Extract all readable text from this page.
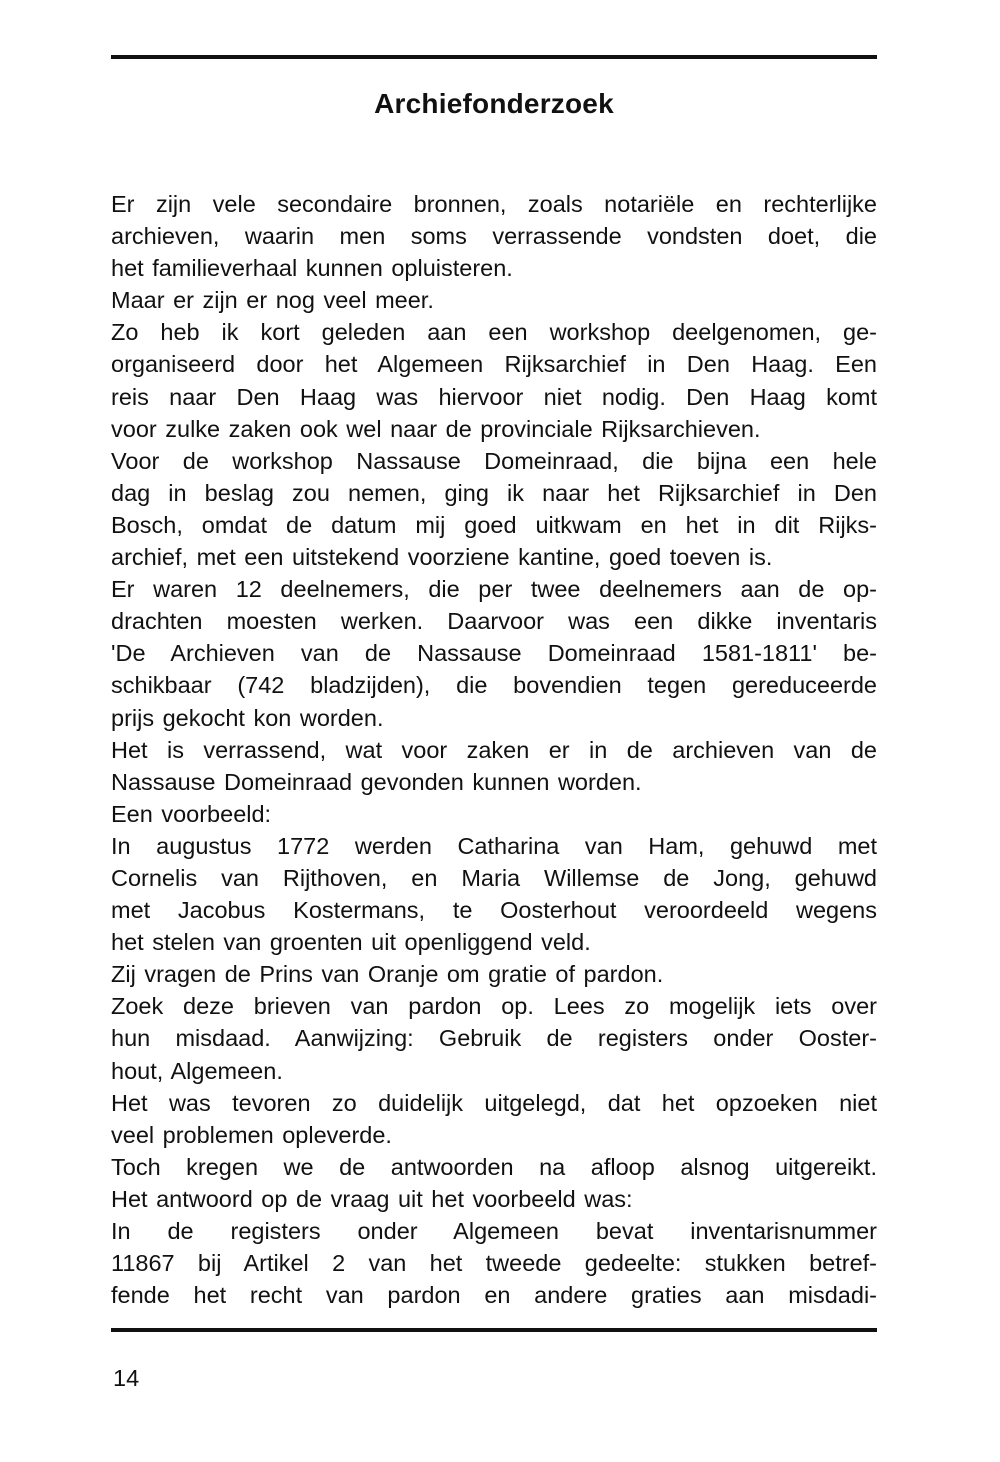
Archiefonderzoek
Er zijn vele secondaire bronnen, zoals notariële en rechterlijke
archieven, waarin men soms verrassende vondsten doet, die
het familieverhaal kunnen opluisteren.
Maar er zijn er nog veel meer.
Zo heb ik kort geleden aan een workshop deelgenomen, ge-
organiseerd door het Algemeen Rijksarchief in Den Haag. Een
reis naar Den Haag was hiervoor niet nodig. Den Haag komt
voor zulke zaken ook wel naar de provinciale Rijksarchieven.
Voor de workshop Nassause Domeinraad, die bijna een hele
dag in beslag zou nemen, ging ik naar het Rijksarchief in Den
Bosch, omdat de datum mij goed uitkwam en het in dit Rijks-
archief, met een uitstekend voorziene kantine, goed toeven is.
Er waren 12 deelnemers, die per twee deelnemers aan de op-
drachten moesten werken. Daarvoor was een dikke inventaris
'De Archieven van de Nassause Domeinraad 1581-1811' be-
schikbaar (742 bladzijden), die bovendien tegen gereduceerde
prijs gekocht kon worden.
Het is verrassend, wat voor zaken er in de archieven van de
Nassause Domeinraad gevonden kunnen worden.
Een voorbeeld:
In augustus 1772 werden Catharina van Ham, gehuwd met
Cornelis van Rijthoven, en Maria Willemse de Jong, gehuwd
met Jacobus Kostermans, te Oosterhout veroordeeld wegens
het stelen van groenten uit openliggend veld.
Zij vragen de Prins van Oranje om gratie of pardon.
Zoek deze brieven van pardon op. Lees zo mogelijk iets over
hun misdaad. Aanwijzing: Gebruik de registers onder Ooster-
hout, Algemeen.
Het was tevoren zo duidelijk uitgelegd, dat het opzoeken niet
veel problemen opleverde.
Toch kregen we de antwoorden na afloop alsnog uitgereikt.
Het antwoord op de vraag uit het voorbeeld was:
In de registers onder Algemeen bevat inventarisnummer
11867 bij Artikel 2 van het tweede gedeelte: stukken betref-
fende het recht van pardon en andere graties aan misdadi-
14
